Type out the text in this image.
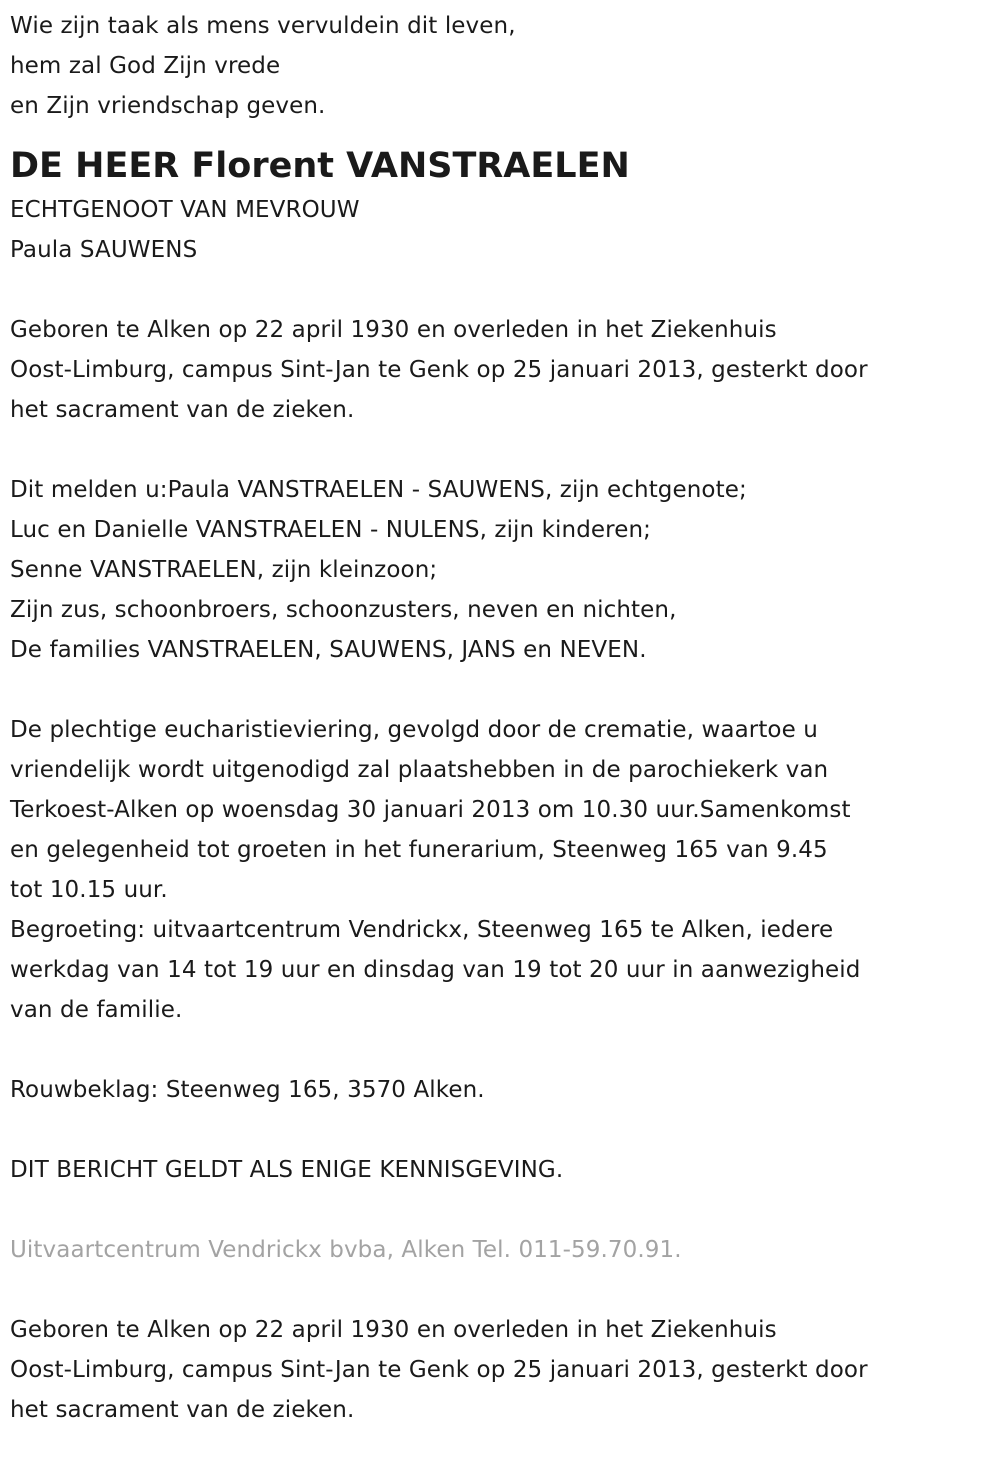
Wie zijn taak als mens vervuldein dit leven,
hem zal God Zijn vrede
en Zijn vriendschap geven.
DE HEER Florent VANSTRAELEN
ECHTGENOOT VAN MEVROUW
Paula SAUWENS
Geboren te Alken op 22 april 1930 en overleden in het Ziekenhuis
Oost-Limburg, campus Sint-Jan te Genk op 25 januari 2013, gesterkt door
het sacrament van de zieken.
Dit melden u:Paula VANSTRAELEN - SAUWENS, zijn echtgenote;
Luc en Danielle VANSTRAELEN - NULENS, zijn kinderen;
Senne VANSTRAELEN, zijn kleinzoon;
Zijn zus, schoonbroers, schoonzusters, neven en nichten,
De families VANSTRAELEN, SAUWENS, JANS en NEVEN.
De plechtige eucharistieviering, gevolgd door de crematie, waartoe u
vriendelijk wordt uitgenodigd zal plaatshebben in de parochiekerk van
Terkoest-Alken op woensdag 30 januari 2013 om 10.30 uur.Samenkomst
en gelegenheid tot groeten in het funerarium, Steenweg 165 van 9.45
tot 10.15 uur.
Begroeting: uitvaartcentrum Vendrickx, Steenweg 165 te Alken, iedere
werkdag van 14 tot 19 uur en dinsdag van 19 tot 20 uur in aanwezigheid
van de familie.
Rouwbeklag: Steenweg 165, 3570 Alken.
DIT BERICHT GELDT ALS ENIGE KENNISGEVING.
Uitvaartcentrum Vendrickx bvba, Alken Tel. 011-59.70.91.
Geboren te Alken op 22 april 1930 en overleden in het Ziekenhuis
Oost-Limburg, campus Sint-Jan te Genk op 25 januari 2013, gesterkt door
het sacrament van de zieken.
